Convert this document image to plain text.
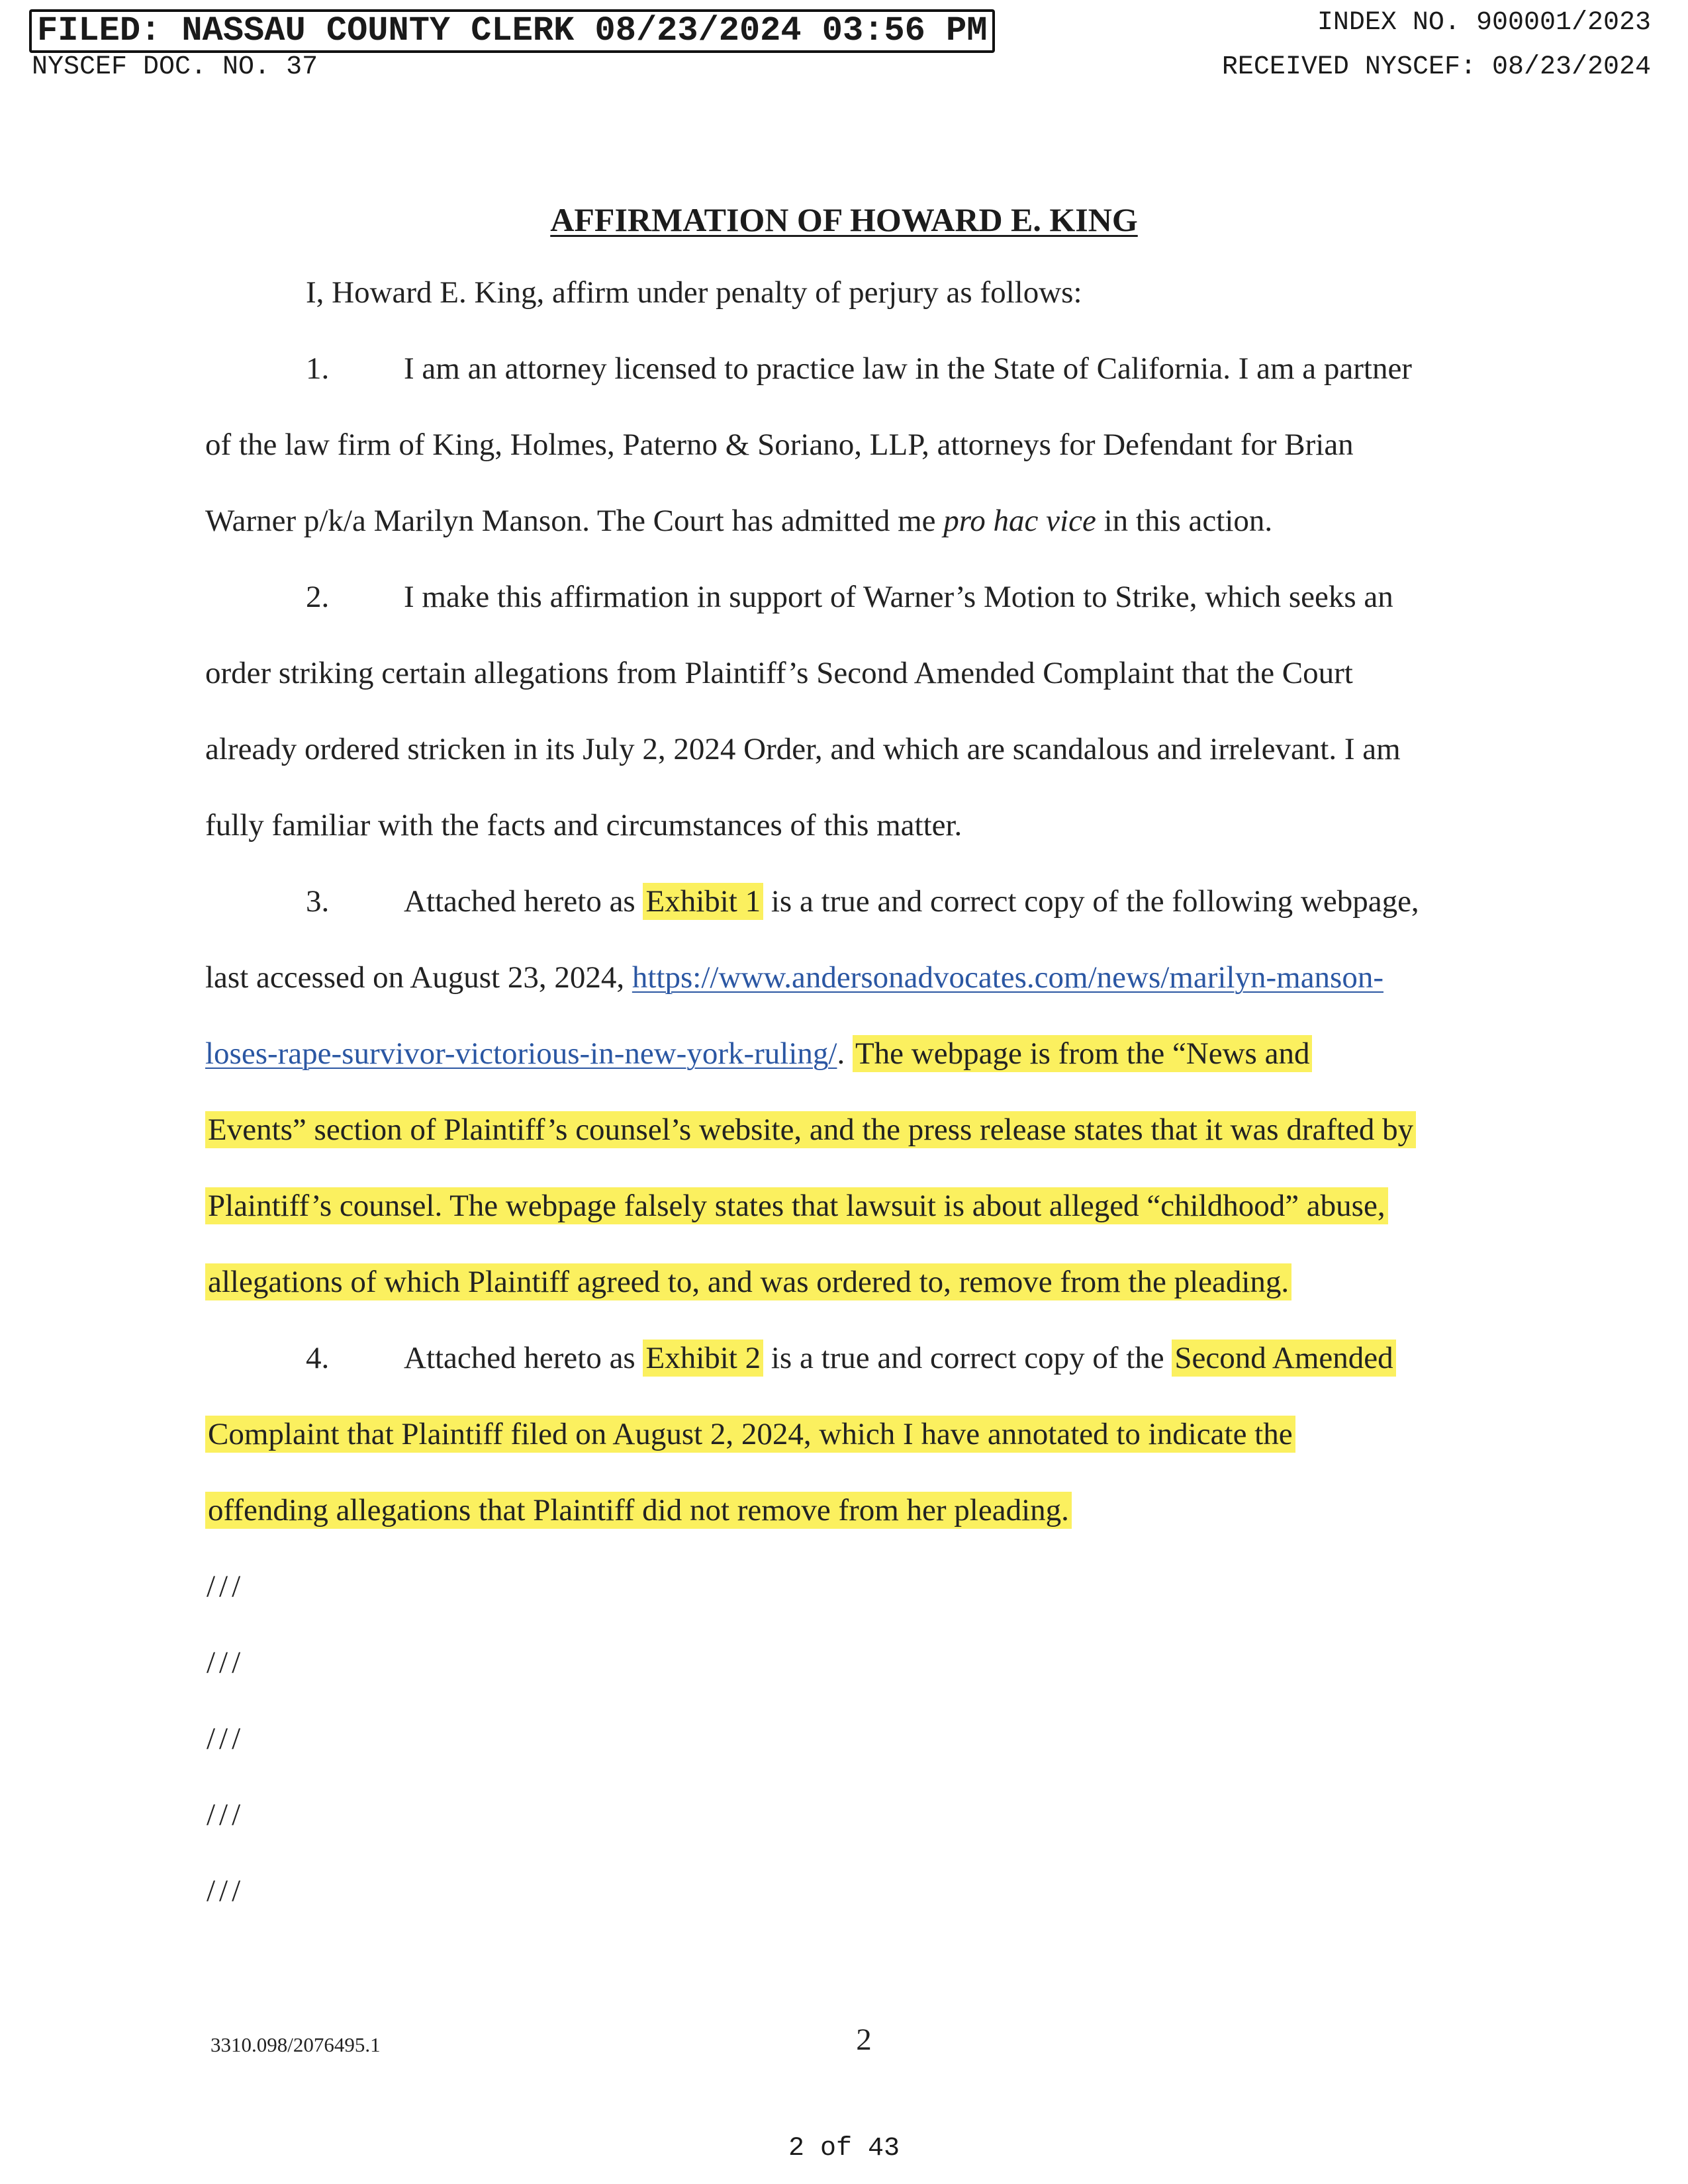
FILED: NASSAU COUNTY CLERK 08/23/2024 03:56 PM	INDEX NO. 900001/2023
NYSCEF DOC. NO. 37	RECEIVED NYSCEF: 08/23/2024
AFFIRMATION OF HOWARD E. KING
I, Howard E. King, affirm under penalty of perjury as follows:
1. I am an attorney licensed to practice law in the State of California. I am a partner
of the law firm of King, Holmes, Paterno & Soriano, LLP, attorneys for Defendant for Brian
Warner p/k/a Marilyn Manson. The Court has admitted me pro hac vice in this action.
2. I make this affirmation in support of Warner’s Motion to Strike, which seeks an
order striking certain allegations from Plaintiff’s Second Amended Complaint that the Court
already ordered stricken in its July 2, 2024 Order, and which are scandalous and irrelevant. I am
fully familiar with the facts and circumstances of this matter.
3. Attached hereto as Exhibit 1 is a true and correct copy of the following webpage,
last accessed on August 23, 2024, https://www.andersonadvocates.com/news/marilyn-manson-
loses-rape-survivor-victorious-in-new-york-ruling/. The webpage is from the “News and
Events” section of Plaintiff’s counsel’s website, and the press release states that it was drafted by
Plaintiff’s counsel. The webpage falsely states that lawsuit is about alleged “childhood” abuse,
allegations of which Plaintiff agreed to, and was ordered to, remove from the pleading.
4. Attached hereto as Exhibit 2 is a true and correct copy of the Second Amended
Complaint that Plaintiff filed on August 2, 2024, which I have annotated to indicate the
offending allegations that Plaintiff did not remove from her pleading.
///
///
///
///
///
3310.098/2076495.1	2
2 of 43
